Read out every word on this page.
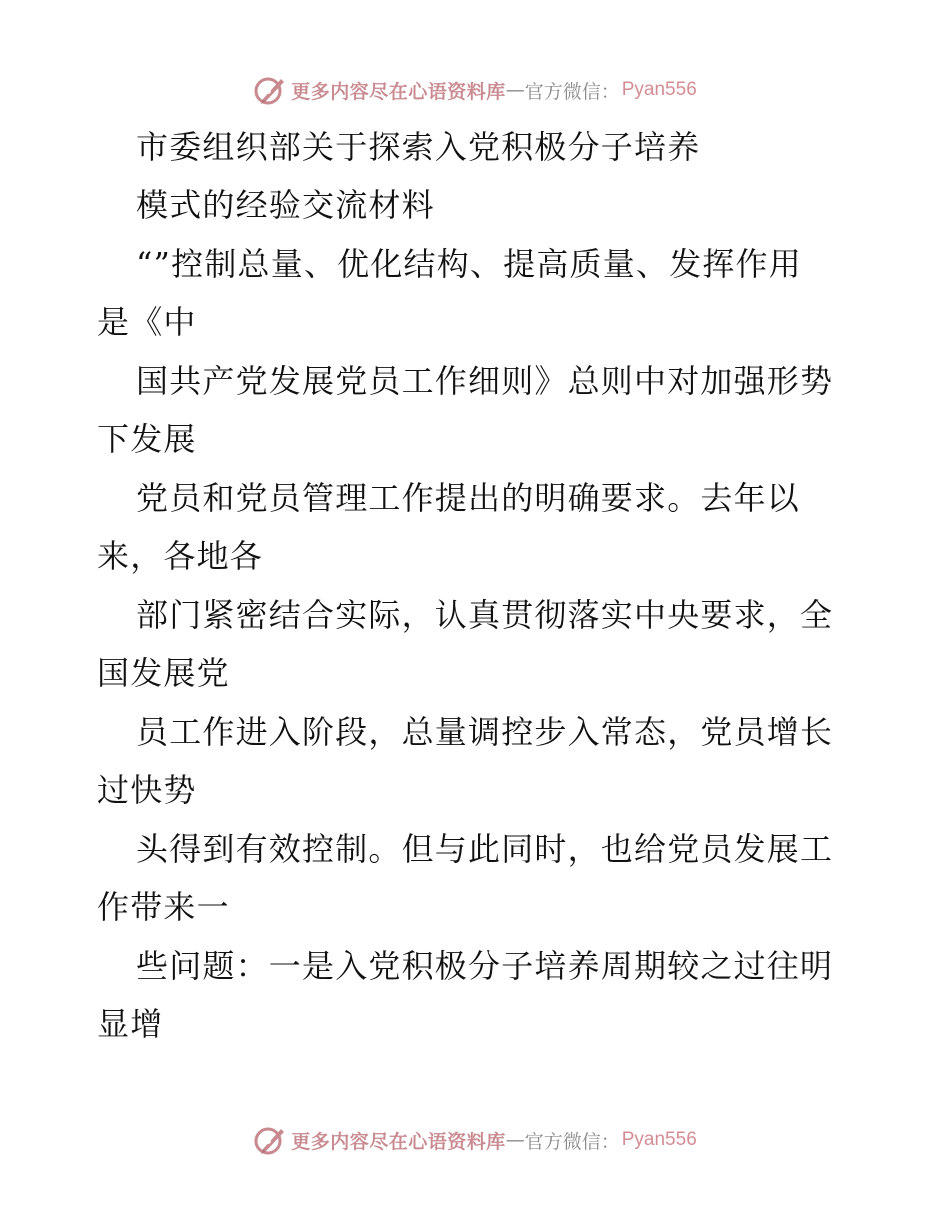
更多内容尽在心语资料库 — 官方微信： Pyan556
市委组织部关于探索入党积极分子培养
模式的经验交流材料
“”控制总量、优化结构、提高质量、发挥作用
是《中
国共产党发展党员工作细则》总则中对加强形势
下发展
党员和党员管理工作提出的明确要求。去年以
来，各地各
部门紧密结合实际，认真贯彻落实中央要求，全
国发展党
员工作进入阶段，总量调控步入常态，党员增长
过快势
头得到有效控制。但与此同时，也给党员发展工
作带来一
些问题：一是入党积极分子培养周期较之过往明
显增
更多内容尽在心语资料库 — 官方微信： Pyan556
